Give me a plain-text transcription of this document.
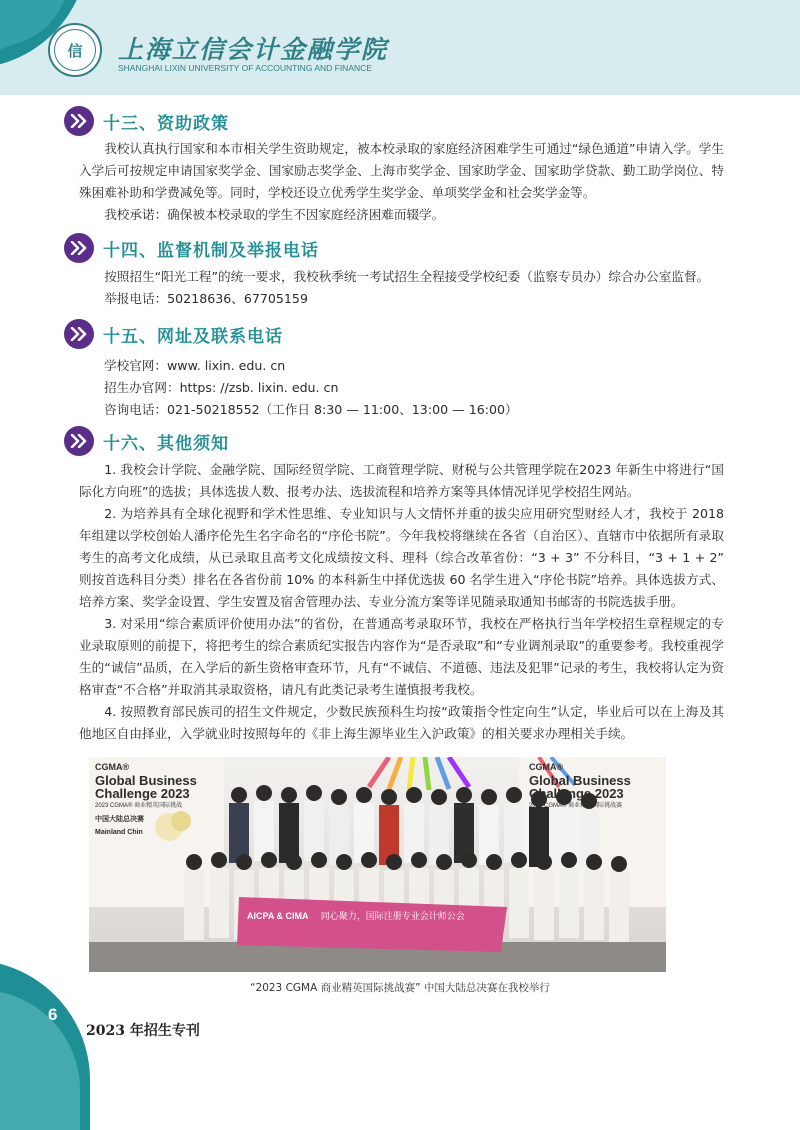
信 上海立信会计金融学院
SHANGHAI LIXIN UNIVERSITY OF ACCOUNTING AND FINANCE
十三、资助政策

我校认真执行国家和本市相关学生资助规定，被本校录取的家庭经济困难学生可通过“绿色通道”申请入学。学生入学后可按规定申请国家奖学金、国家励志奖学金、上海市奖学金、国家助学金、国家助学贷款、勤工助学岗位、特殊困难补助和学费减免等。同时，学校还设立优秀学生奖学金、单项奖学金和社会奖学金等。

我校承诺：确保被本校录取的学生不因家庭经济困难而辍学。

十四、监督机制及举报电话

按照招生“阳光工程”的统一要求，我校秋季统一考试招生全程接受学校纪委（监察专员办）综合办公室监督。

举报电话：50218636、67705159

十五、网址及联系电话
学校官网：www. lixin. edu. cn
招生办官网：https: //zsb. lixin. edu. cn
咨询电话：021-50218552（工作日 8:30 — 11:00、13:00 — 16:00）
十六、其他须知

1. 我校会计学院、金融学院、国际经贸学院、工商管理学院、财税与公共管理学院在2023 年新生中将进行“国际化方向班”的选拔；具体选拔人数、报考办法、选拔流程和培养方案等具体情况详见学校招生网站。

2. 为培养具有全球化视野和学术性思维、专业知识与人文情怀并重的拔尖应用研究型财经人才，我校于 2018 年组建以学校创始人潘序伦先生名字命名的“序伦书院”。今年我校将继续在各省（自治区）、直辖市中依据所有录取考生的高考文化成绩，从已录取且高考文化成绩按文科、理科（综合改革省份：“3 + 3” 不分科目，“3 + 1 + 2” 则按首选科目分类）排名在各省份前 10% 的本科新生中择优选拔 60 名学生进入“序伦书院”培养。具体选拔方式、培养方案、奖学金设置、学生安置及宿舍管理办法、专业分流方案等详见随录取通知书邮寄的书院选拔手册。

3. 对采用“综合素质评价使用办法”的省份，在普通高考录取环节，我校在严格执行当年学校招生章程规定的专业录取原则的前提下，将把考生的综合素质纪实报告内容作为“是否录取”和“专业调剂录取”的重要参考。我校重视学生的“诚信”品质，在入学后的新生资格审查环节，凡有“不诚信、不道德、违法及犯罪”记录的考生，我校将认定为资格审查“不合格”并取消其录取资格，请凡有此类记录考生谨慎报考我校。

4. 按照教育部民族司的招生文件规定，少数民族预科生均按“政策指令性定向生”认定，毕业后可以在上海及其他地区自由择业，入学就业时按照每年的《非上海生源毕业生入沪政策》的相关要求办理相关手续。

CGMA®
Global Business
Challenge 2023
2023 CGMA® 商业精英国际挑战
中国大陆总决赛
Mainland Chin
CGMA®
Global Business
Challenge 2023
2023 CGMA® 商业精英国际挑战赛
AICPA & CIMA 同心聚力，国际注册专业会计师公会
“2023 CGMA 商业精英国际挑战赛” 中国大陆总决赛在我校举行
6
2023 年招生专刊
